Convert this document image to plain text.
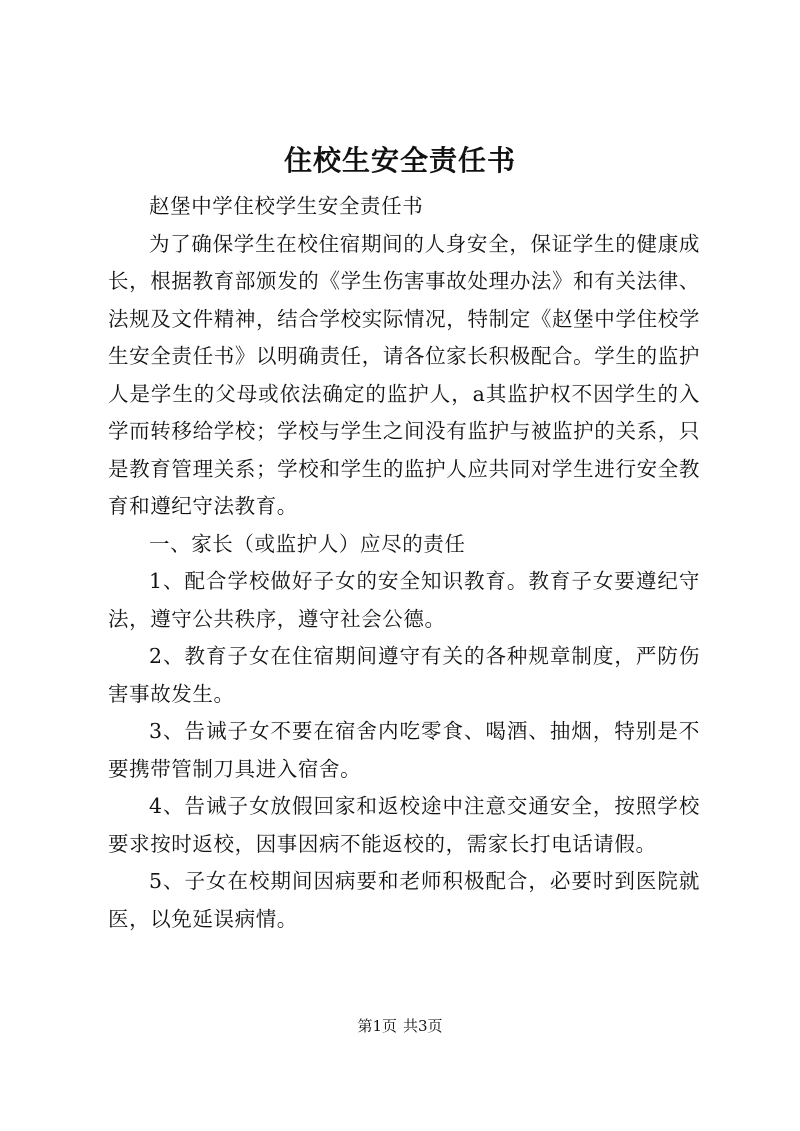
住校生安全责任书

赵堡中学住校学生安全责任书

为了确保学生在校住宿期间的人身安全，保证学生的健康成长，根据教育部颁发的《学生伤害事故处理办法》和有关法律、法规及文件精神，结合学校实际情况，特制定《赵堡中学住校学生安全责任书》以明确责任，请各位家长积极配合。学生的监护人是学生的父母或依法确定的监护人，a其监护权不因学生的入学而转移给学校；学校与学生之间没有监护与被监护的关系，只是教育管理关系；学校和学生的监护人应共同对学生进行安全教育和遵纪守法教育。

一、家长（或监护人）应尽的责任

1、配合学校做好子女的安全知识教育。教育子女要遵纪守法，遵守公共秩序，遵守社会公德。

2、教育子女在住宿期间遵守有关的各种规章制度，严防伤害事故发生。

3、告诫子女不要在宿舍内吃零食、喝酒、抽烟，特别是不要携带管制刀具进入宿舍。

4、告诫子女放假回家和返校途中注意交通安全，按照学校要求按时返校，因事因病不能返校的，需家长打电话请假。

5、子女在校期间因病要和老师积极配合，必要时到医院就医，以免延误病情。

第1页 共3页
